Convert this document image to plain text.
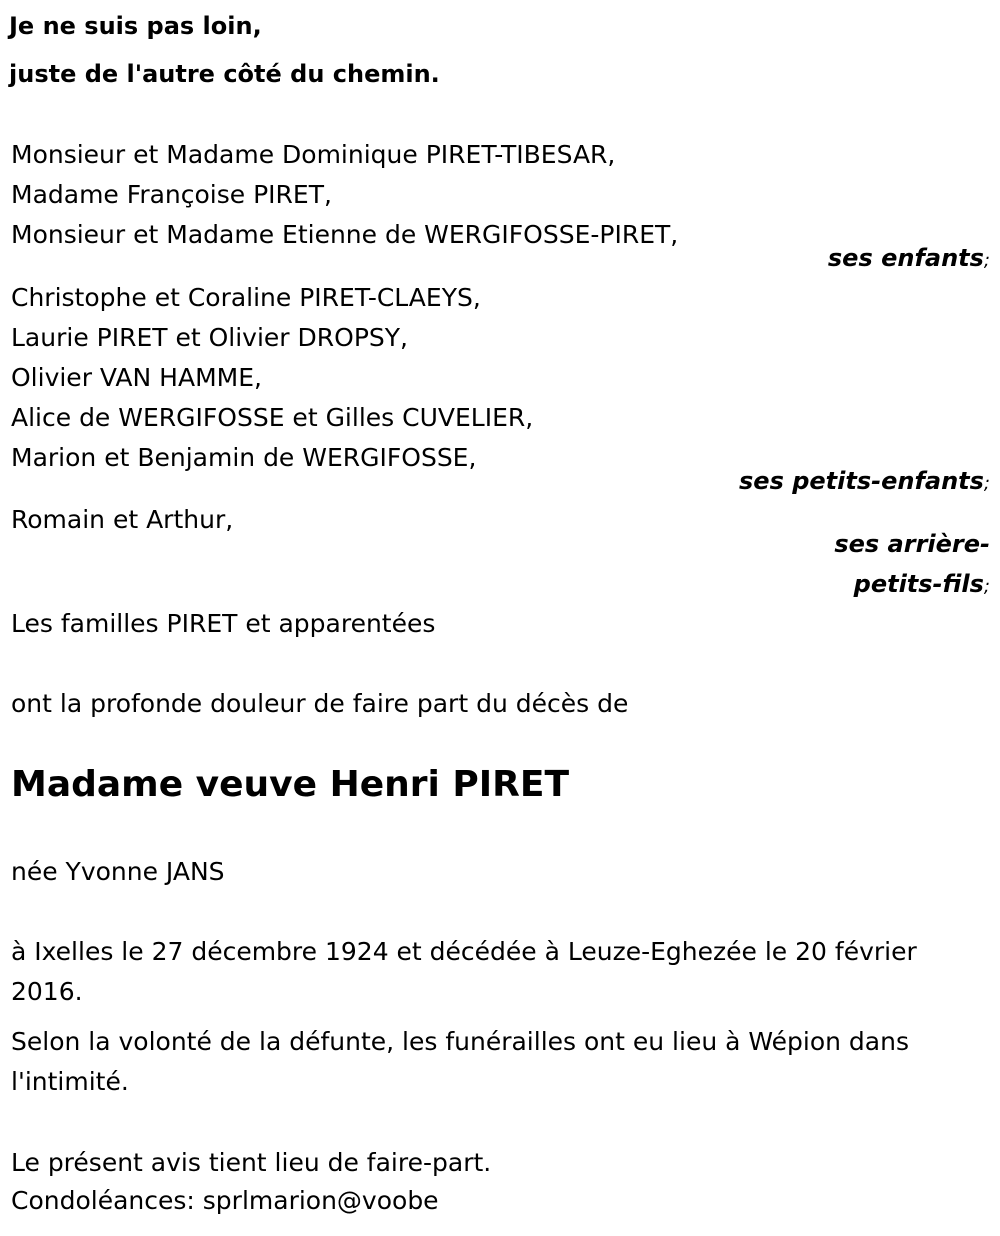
Je ne suis pas loin,
juste de l'autre côté du chemin.
Monsieur et Madame Dominique PIRET-TIBESAR,
Madame Françoise PIRET,
Monsieur et Madame Etienne de WERGIFOSSE-PIRET,
ses enfants;
Christophe et Coraline PIRET-CLAEYS,
Laurie PIRET et Olivier DROPSY,
Olivier VAN HAMME,
Alice de WERGIFOSSE et Gilles CUVELIER,
Marion et Benjamin de WERGIFOSSE,
ses petits-enfants;
Romain et Arthur,
ses arrière-
petits-fils;
Les familles PIRET et apparentées
ont la profonde douleur de faire part du décès de
Madame veuve Henri PIRET
née Yvonne JANS
à Ixelles le 27 décembre 1924 et décédée à Leuze-Eghezée le 20 février 2016.
Selon la volonté de la défunte, les funérailles ont eu lieu à Wépion dans l'intimité.
Le présent avis tient lieu de faire-part.
Condoléances: sprlmarion@voobe
